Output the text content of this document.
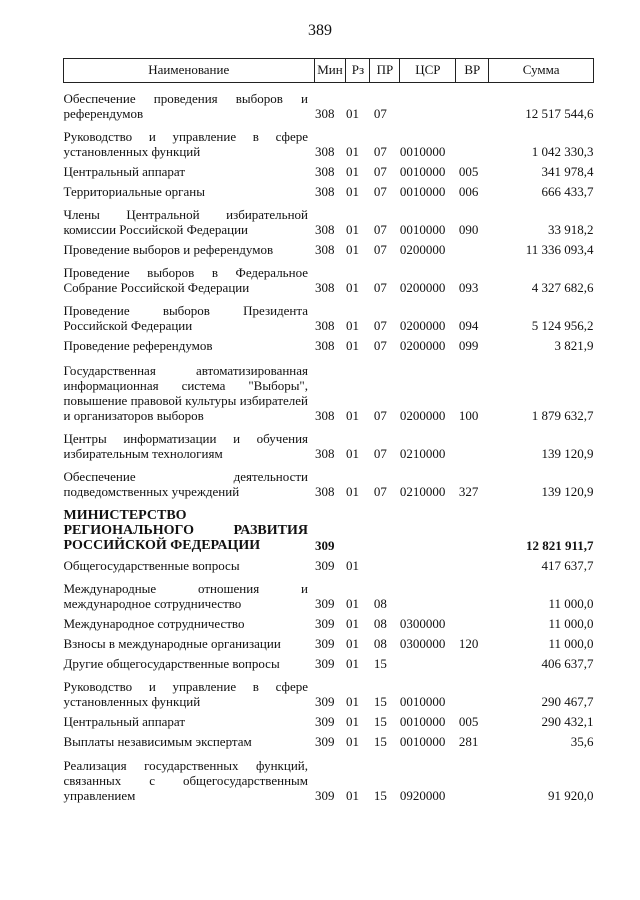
389
Наименование	Мин	Рз	ПР	ЦСР	ВР	Сумма
Обеспечение проведения выборов и референдумов	308	01	07			12 517 544,6
Руководство и управление в сфере установленных функций	308	01	07	0010000		1 042 330,3
Центральный аппарат	308	01	07	0010000	005	341 978,4
Территориальные органы	308	01	07	0010000	006	666 433,7
Члены Центральной избирательной комиссии Российской Федерации	308	01	07	0010000	090	33 918,2
Проведение выборов и референдумов	308	01	07	0200000		11 336 093,4
Проведение выборов в Федеральное Собрание Российской Федерации	308	01	07	0200000	093	4 327 682,6
Проведение выборов Президента Российской Федерации	308	01	07	0200000	094	5 124 956,2
Проведение референдумов	308	01	07	0200000	099	3 821,9
Государственная автоматизированная информационная система "Выборы", повышение правовой культуры избирателей и организаторов выборов	308	01	07	0200000	100	1 879 632,7
Центры информатизации и обучения избирательным технологиям	308	01	07	0210000		139 120,9
Обеспечение деятельности подведомственных учреждений	308	01	07	0210000	327	139 120,9
МИНИСТЕРСТВО РЕГИОНАЛЬНОГО РАЗВИТИЯ РОССИЙСКОЙ ФЕДЕРАЦИИ	309					12 821 911,7
Общегосударственные вопросы	309	01				417 637,7
Международные отношения и международное сотрудничество	309	01	08			11 000,0
Международное сотрудничество	309	01	08	0300000		11 000,0
Взносы в международные организации	309	01	08	0300000	120	11 000,0
Другие общегосударственные вопросы	309	01	15			406 637,7
Руководство и управление в сфере установленных функций	309	01	15	0010000		290 467,7
Центральный аппарат	309	01	15	0010000	005	290 432,1
Выплаты независимым экспертам	309	01	15	0010000	281	35,6
Реализация государственных функций, связанных с общегосударственным управлением	309	01	15	0920000		91 920,0
